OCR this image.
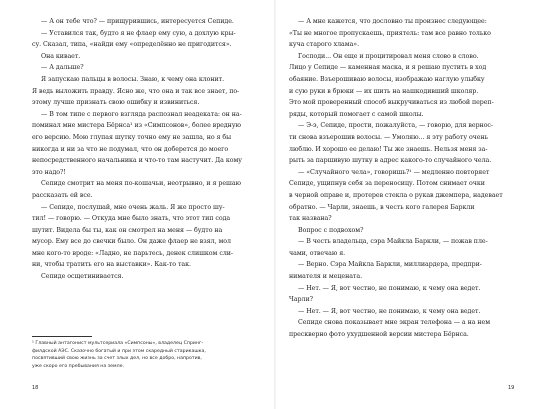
— А он тебе что? — прищурившись, интересуется Сепиде.

— Уставился так, будто я не флаер ему сую, а дохлую кры-
су. Сказал, типа, «найди ему «определённо не пригодится».

Она кивает.

— А дальше?

Я запускаю пальцы в волосы. Знаю, к чему она клонит.
Я ведь выложить правду. Ясно же, что она и так все знает, по-
этому лучше признать свою ошибку и извиниться.

— В том типе с первого взгляда распознал неадеката: он на-
поминал мне мистера Бёрнса¹ из «Симпсонов», более вредную
его версию. Мою глупая шутку точно ему не зашла, но я бы
никогда и ни за что не подумал, что он доберется до моего
непосредственного начальника и что-то там настучит. Да кому
это надо?!

Сепиде смотрит на меня по-кошачьи, неотрывно, и я решаю
рассказать ей все.

— Сепиде, послушай, мне очень жаль. Я же просто шу-
тил! — говорю. — Откуда мне было знать, что этот тип сода
шутит. Видела бы ты, как он смотрел на меня — будто на
мусор. Ему все до свечки было. Он даже флаер не взял, мол
мне кого-то вроде: «Ладно, не парьтесь, денек слишком сли-
ни, чтобы тратить его на выставки». Как-то так.

Сепиде осщетинивается.

¹ Главный антагонист мультсериала «Симпсоны», владелец Спринг-
филдской АЭС. Сказочно богатый и при этом скаредный старикашка,
посвятивший свою жизнь за счет злых дел, но все добро, напротив,
уже скоро его пребывания на земле.
18

— А мне кажется, что дословно ты произнес следующее:
«Ты не многое пропускаешь, приятель: там все равно только
куча старого хлама».

Господи... Он еще и процитировал меня слово в слово.
Лицо у Сепиде — каменная маска, и я решаю пустить в ход
обаяние. Взъерошиваю волосы, изображаю наглую улыбку
и сую руки в брюки — их шить на нашкодивший школяр.
Это мой проверенный способ выкручиваться из любой переп-
ряды, который помогает с самой школы.

— Э-э, Сепиде, прости, пожалуйста, — говорю, для вернос-
ти снова взъерошив волосы. — Умоляю... я эту работу очень
люблю. И хорошо ее делаю! Ты же знаешь. Нельзя меня за-
рыть за паршивую шутку в адрес какого-то случайного чела.

— «Случайного чела», говоришь?¹ — медленно повторяет
Сепиде, ущипнув себя за переносицу. Потом снимает очки
в черной оправе и, протерев стекла о рукав джемпера, надевает
обратно. — Чарли, знаешь, в честь кого галерея Баркли
так названа?

Вопрос с подвохом?

— В честь владельца, сэра Майкла Баркли, — пожав пле-
чами, отвечаю я.

— Верно. Сэра Майкла Баркли, миллиардера, предпри-
нимателя и мецената.

— Нет. — Я, вот честно, не понимаю, к чему она ведет.
Чарли?

— Нет. — Я, вот честно, не понимаю, к чему она ведет.

Сепиде снова показывает мне экран телефона — а на нем
прескверно фото ухудшенной версии мистера Бёрнса.

19
